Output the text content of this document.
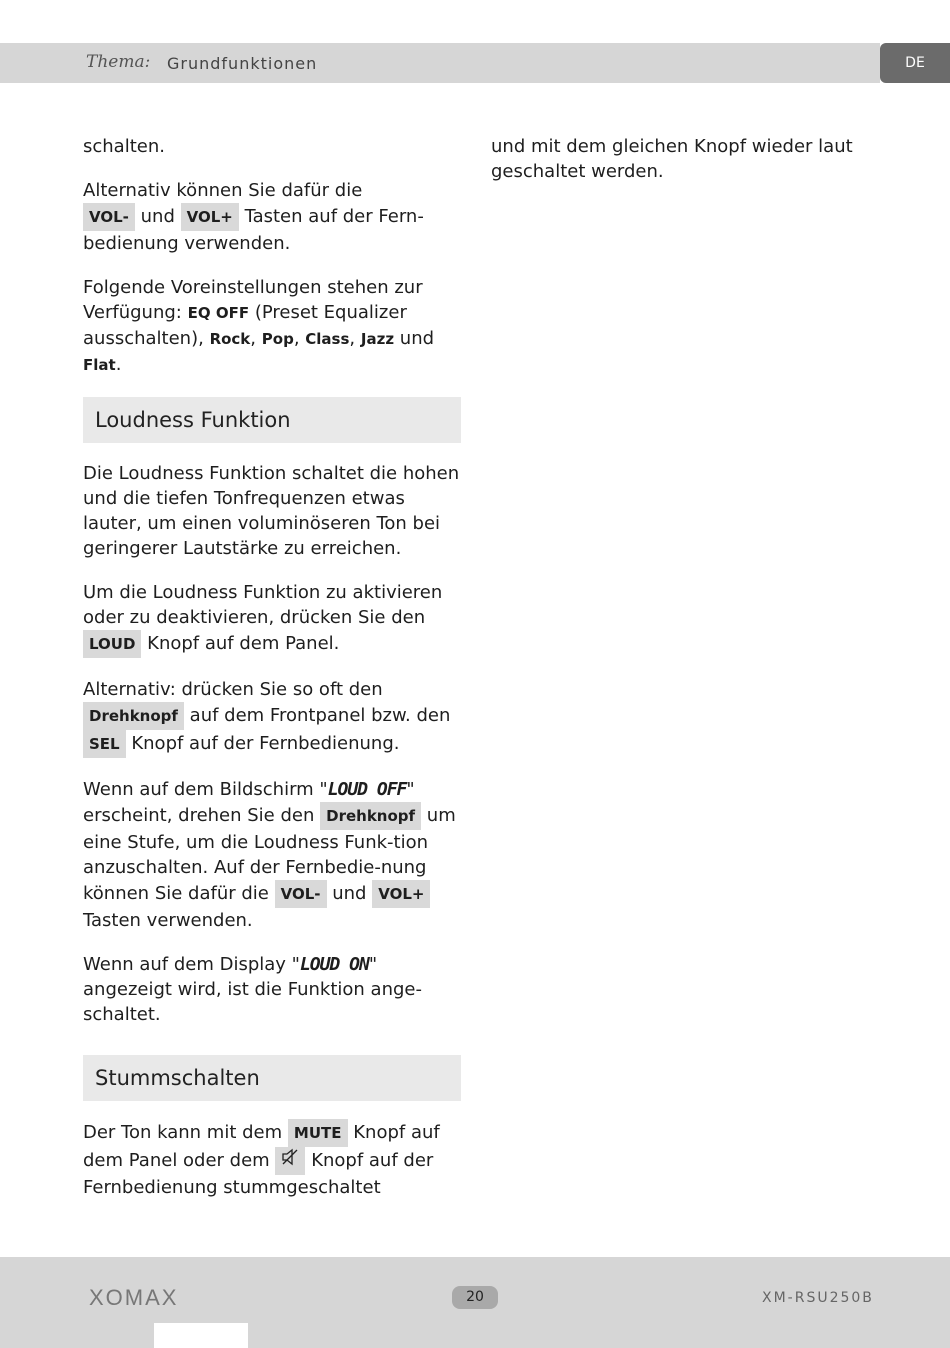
Thema: Grundfunktionen	DE

schalten.

Alternativ können Sie dafür die
VOL- und VOL+ Tasten auf der Fern-bedienung verwenden.

Folgende Voreinstellungen stehen zur Verfügung: EQ OFF (Preset Equalizer ausschalten), Rock, Pop, Class, Jazz und
Flat.

Loudness Funktion

Die Loudness Funktion schaltet die hohen und die tiefen Tonfrequenzen etwas lauter, um einen voluminöseren Ton bei geringerer Lautstärke zu erreichen.

Um die Loudness Funktion zu aktivieren oder zu deaktivieren, drücken Sie den LOUD Knopf auf dem Panel.

Alternativ: drücken Sie so oft den
Drehknopf auf dem Frontpanel bzw. den SEL Knopf auf der Fernbedienung.

Wenn auf dem Bildschirm "LOUD OFF" erscheint, drehen Sie den Drehknopf um eine Stufe, um die Loudness Funk-tion anzuschalten. Auf der Fernbedie-nung können Sie dafür die VOL- und VOL+ Tasten verwenden.

Wenn auf dem Display "LOUD ON" angezeigt wird, ist die Funktion ange-schaltet.

Stummschalten

Der Ton kann mit dem MUTE Knopf auf dem Panel oder dem Knopf auf der Fernbedienung stummgeschaltet

und mit dem gleichen Knopf wieder laut geschaltet werden.

XOMAX	20	XM-RSU250B
